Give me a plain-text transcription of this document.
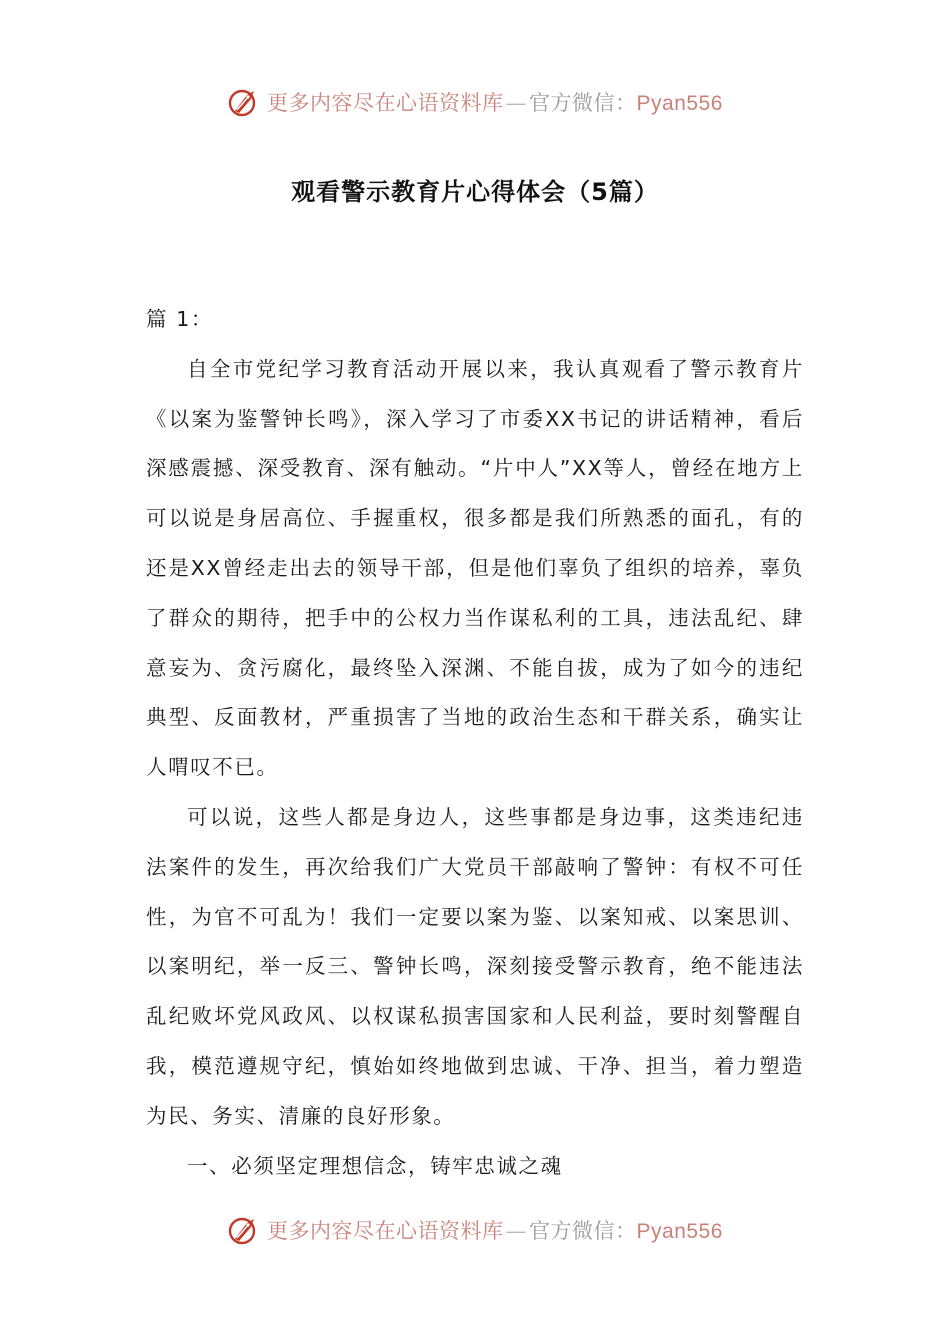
更多内容尽在心语资料库—官方微信：Pyan556
观看警示教育片心得体会（5篇）

篇 1：

自全市党纪学习教育活动开展以来，我认真观看了警示教育片《以案为鉴警钟长鸣》，深入学习了市委XX书记的讲话精神，看后深感震撼、深受教育、深有触动。“片中人”XX等人，曾经在地方上可以说是身居高位、手握重权，很多都是我们所熟悉的面孔，有的还是XX曾经走出去的领导干部，但是他们辜负了组织的培养，辜负了群众的期待，把手中的公权力当作谋私利的工具，违法乱纪、肆意妄为、贪污腐化，最终坠入深渊、不能自拔，成为了如今的违纪典型、反面教材，严重损害了当地的政治生态和干群关系，确实让人喟叹不已。

可以说，这些人都是身边人，这些事都是身边事，这类违纪违法案件的发生，再次给我们广大党员干部敲响了警钟：有权不可任性，为官不可乱为！我们一定要以案为鉴、以案知戒、以案思训、以案明纪，举一反三、警钟长鸣，深刻接受警示教育，绝不能违法乱纪败坏党风政风、以权谋私损害国家和人民利益，要时刻警醒自我，模范遵规守纪，慎始如终地做到忠诚、干净、担当，着力塑造为民、务实、清廉的良好形象。

一、必须坚定理想信念，铸牢忠诚之魂

更多内容尽在心语资料库—官方微信：Pyan556
